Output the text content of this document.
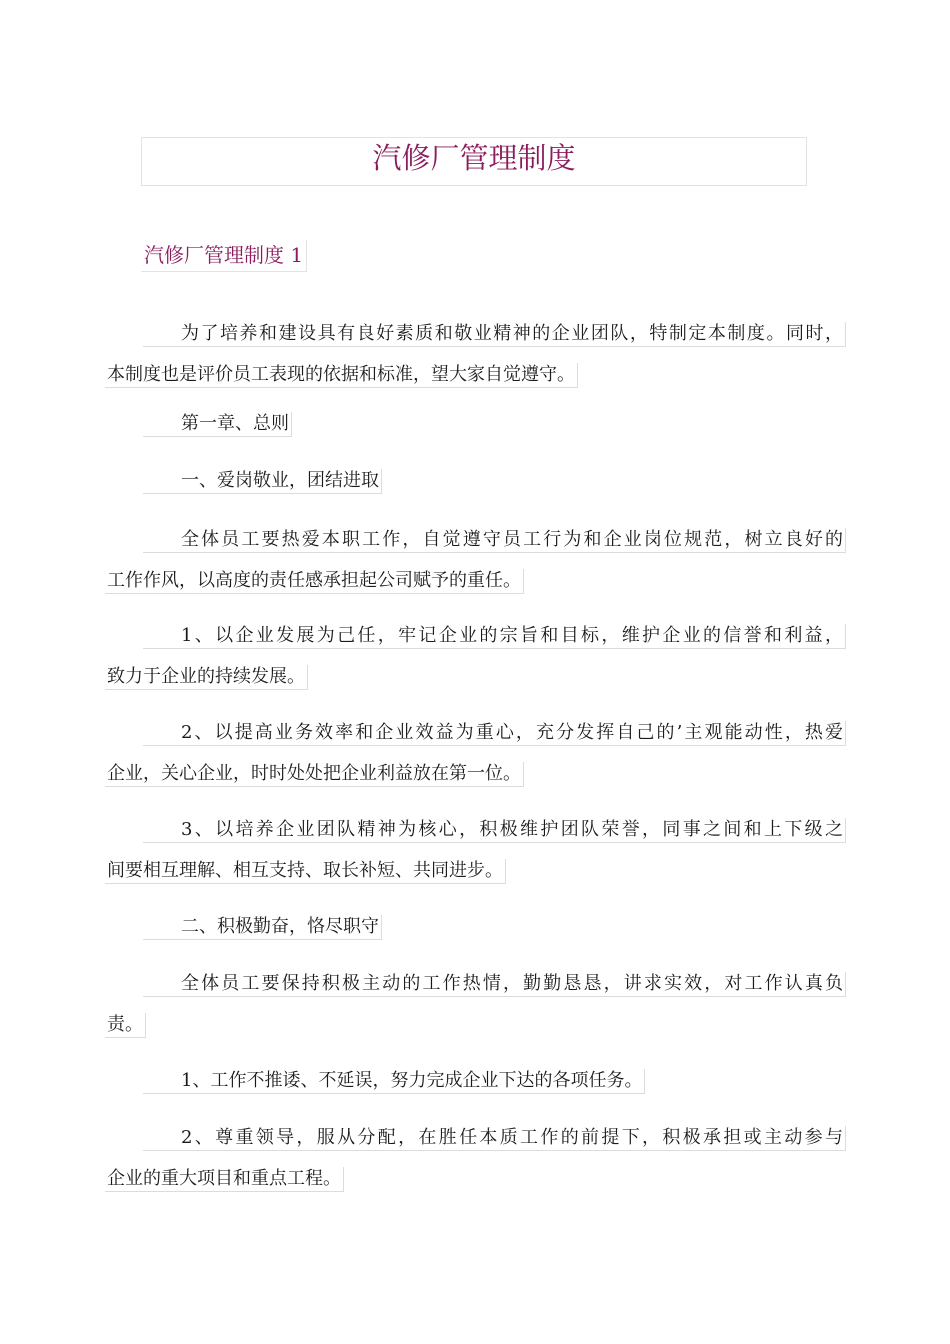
汽修厂管理制度
汽修厂管理制度 1
为了培养和建设具有良好素质和敬业精神的企业团队，特制定本制度。同时，
本制度也是评价员工表现的依据和标准，望大家自觉遵守。
第一章、总则
一、爱岗敬业，团结进取
全体员工要热爱本职工作，自觉遵守员工行为和企业岗位规范，树立良好的
工作作风，以高度的责任感承担起公司赋予的重任。
1、以企业发展为己任，牢记企业的宗旨和目标，维护企业的信誉和利益，
致力于企业的持续发展。
2、以提高业务效率和企业效益为重心，充分发挥自己的’主观能动性，热爱
企业，关心企业，时时处处把企业利益放在第一位。
3、以培养企业团队精神为核心，积极维护团队荣誉，同事之间和上下级之
间要相互理解、相互支持、取长补短、共同进步。
二、积极勤奋，恪尽职守
全体员工要保持积极主动的工作热情，勤勤恳恳，讲求实效，对工作认真负
责。
1、工作不推诿、不延误，努力完成企业下达的各项任务。
2、尊重领导，服从分配，在胜任本质工作的前提下，积极承担或主动参与
企业的重大项目和重点工程。
